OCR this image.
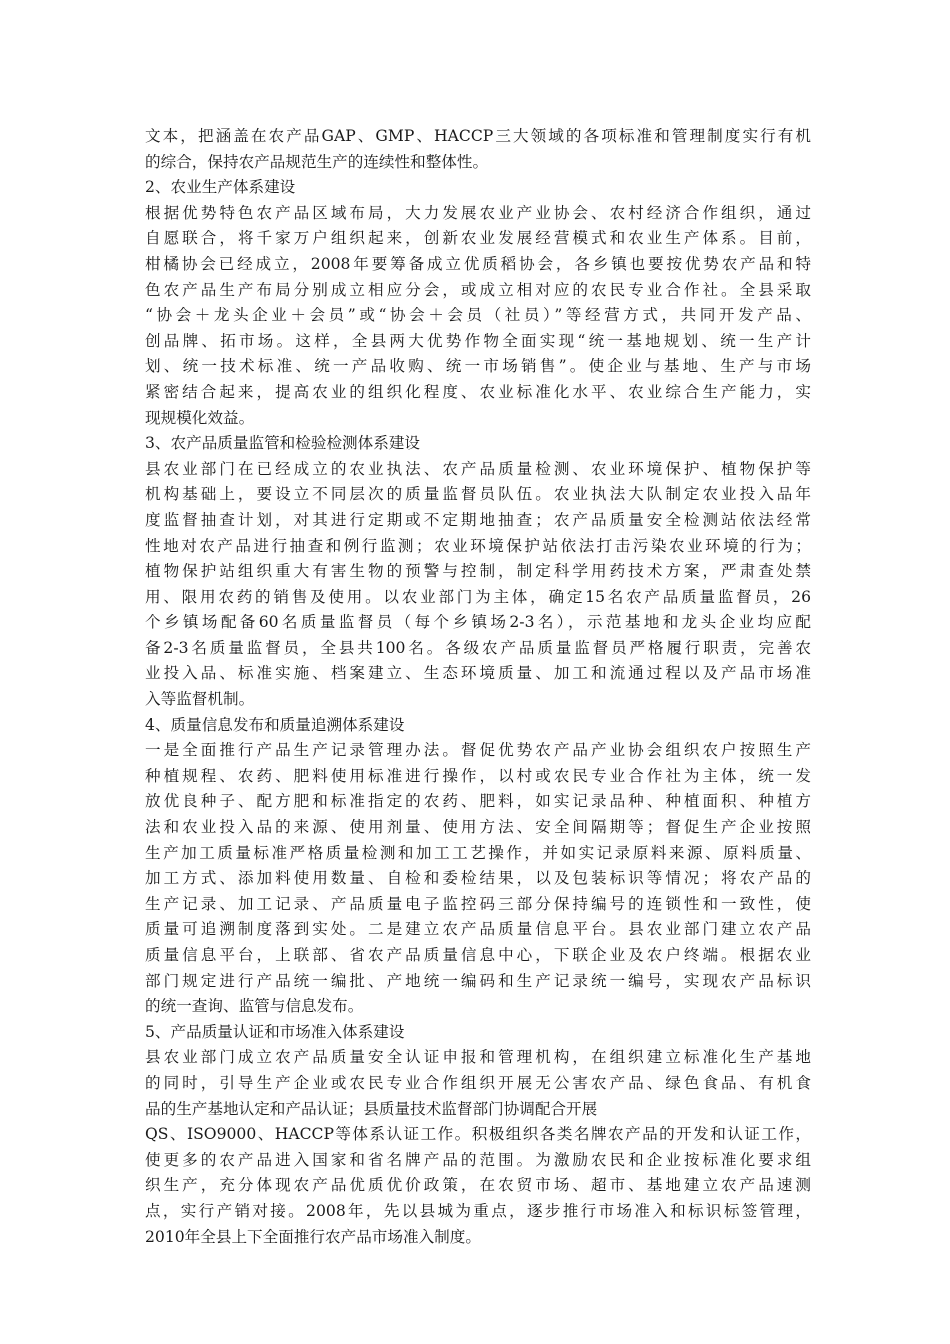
文本，把涵盖在农产品GAP、GMP、HACCP三大领域的各项标准和管理制度实行有机
的综合，保持农产品规范生产的连续性和整体性。
2、农业生产体系建设
根据优势特色农产品区域布局，大力发展农业产业协会、农村经济合作组织，通过
自愿联合，将千家万户组织起来，创新农业发展经营模式和农业生产体系。目前，
柑橘协会已经成立，2008年要筹备成立优质稻协会，各乡镇也要按优势农产品和特
色农产品生产布局分别成立相应分会，或成立相对应的农民专业合作社。全县采取
“协会＋龙头企业＋会员”或“协会＋会员（社员）”等经营方式，共同开发产品、
创品牌、拓市场。这样，全县两大优势作物全面实现“统一基地规划、统一生产计
划、统一技术标准、统一产品收购、统一市场销售”。使企业与基地、生产与市场
紧密结合起来，提高农业的组织化程度、农业标准化水平、农业综合生产能力，实
现规模化效益。
3、农产品质量监管和检验检测体系建设
县农业部门在已经成立的农业执法、农产品质量检测、农业环境保护、植物保护等
机构基础上，要设立不同层次的质量监督员队伍。农业执法大队制定农业投入品年
度监督抽查计划，对其进行定期或不定期地抽查；农产品质量安全检测站依法经常
性地对农产品进行抽查和例行监测；农业环境保护站依法打击污染农业环境的行为；
植物保护站组织重大有害生物的预警与控制，制定科学用药技术方案，严肃查处禁
用、限用农药的销售及使用。以农业部门为主体，确定15名农产品质量监督员，26
个乡镇场配备60名质量监督员（每个乡镇场2-3名），示范基地和龙头企业均应配
备2-3名质量监督员，全县共100名。各级农产品质量监督员严格履行职责，完善农
业投入品、标准实施、档案建立、生态环境质量、加工和流通过程以及产品市场准
入等监督机制。
4、质量信息发布和质量追溯体系建设
一是全面推行产品生产记录管理办法。督促优势农产品产业协会组织农户按照生产
种植规程、农药、肥料使用标准进行操作，以村或农民专业合作社为主体，统一发
放优良种子、配方肥和标准指定的农药、肥料，如实记录品种、种植面积、种植方
法和农业投入品的来源、使用剂量、使用方法、安全间隔期等；督促生产企业按照
生产加工质量标准严格质量检测和加工工艺操作，并如实记录原料来源、原料质量、
加工方式、添加料使用数量、自检和委检结果，以及包装标识等情况；将农产品的
生产记录、加工记录、产品质量电子监控码三部分保持编号的连锁性和一致性，使
质量可追溯制度落到实处。二是建立农产品质量信息平台。县农业部门建立农产品
质量信息平台，上联部、省农产品质量信息中心，下联企业及农户终端。根据农业
部门规定进行产品统一编批、产地统一编码和生产记录统一编号，实现农产品标识
的统一查询、监管与信息发布。
5、产品质量认证和市场准入体系建设
县农业部门成立农产品质量安全认证申报和管理机构，在组织建立标准化生产基地
的同时，引导生产企业或农民专业合作组织开展无公害农产品、绿色食品、有机食
品的生产基地认定和产品认证；县质量技术监督部门协调配合开展
QS、ISO9000、HACCP等体系认证工作。积极组织各类名牌农产品的开发和认证工作，
使更多的农产品进入国家和省名牌产品的范围。为激励农民和企业按标准化要求组
织生产，充分体现农产品优质优价政策，在农贸市场、超市、基地建立农产品速测
点，实行产销对接。2008年，先以县城为重点，逐步推行市场准入和标识标签管理，
2010年全县上下全面推行农产品市场准入制度。
